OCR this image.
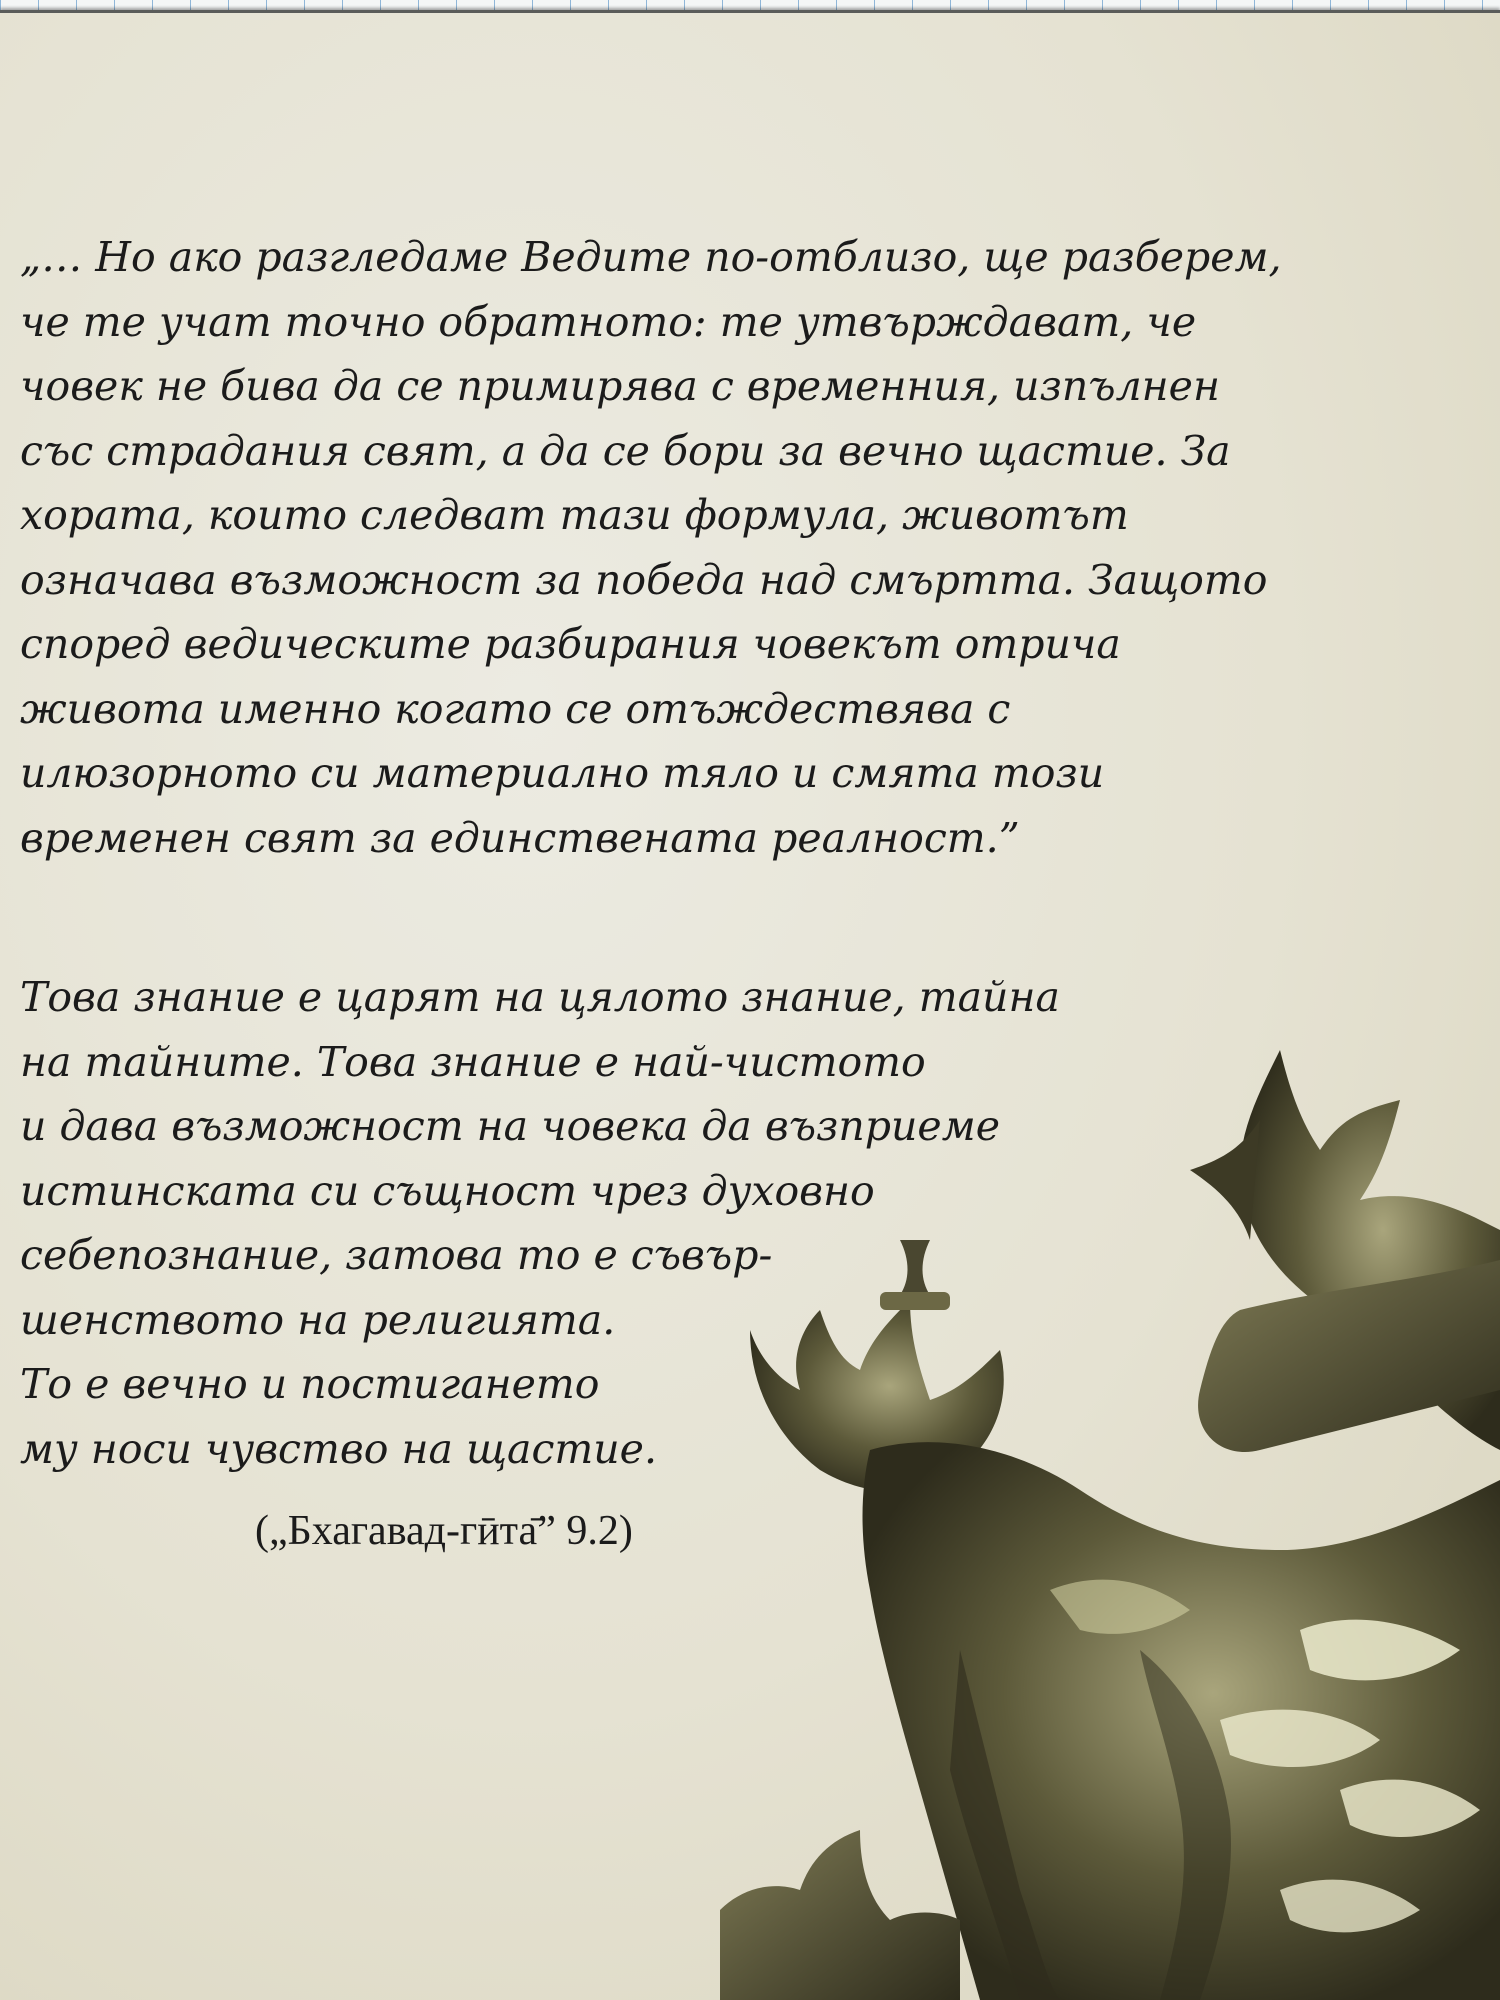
„… Но ако разгледаме Ведите по-отблизо, ще разберем,
че те учат точно обратното: те утвърждават, че
човек не бива да се примирява с временния, изпълнен
със страдания свят, а да се бори за вечно щастие. За
хората, които следват тази формула, животът
означава възможност за победа над смъртта. Защото
според ведическите разбирания човекът отрича
живота именно когато се отъждествява с
илюзорното си материално тяло и смята този
временен свят за единствената реалност.”

Това знание е царят на цялото знание, тайна
на тайните. Това знание е най-чистото
и дава възможност на човека да възприеме
истинската си същност чрез духовно
себепознание, затова то е съвър-
шенството на религията.
То е вечно и постигането
му носи чувство на щастие.

(„Бхагавад-гӣта̄” 9.2)
